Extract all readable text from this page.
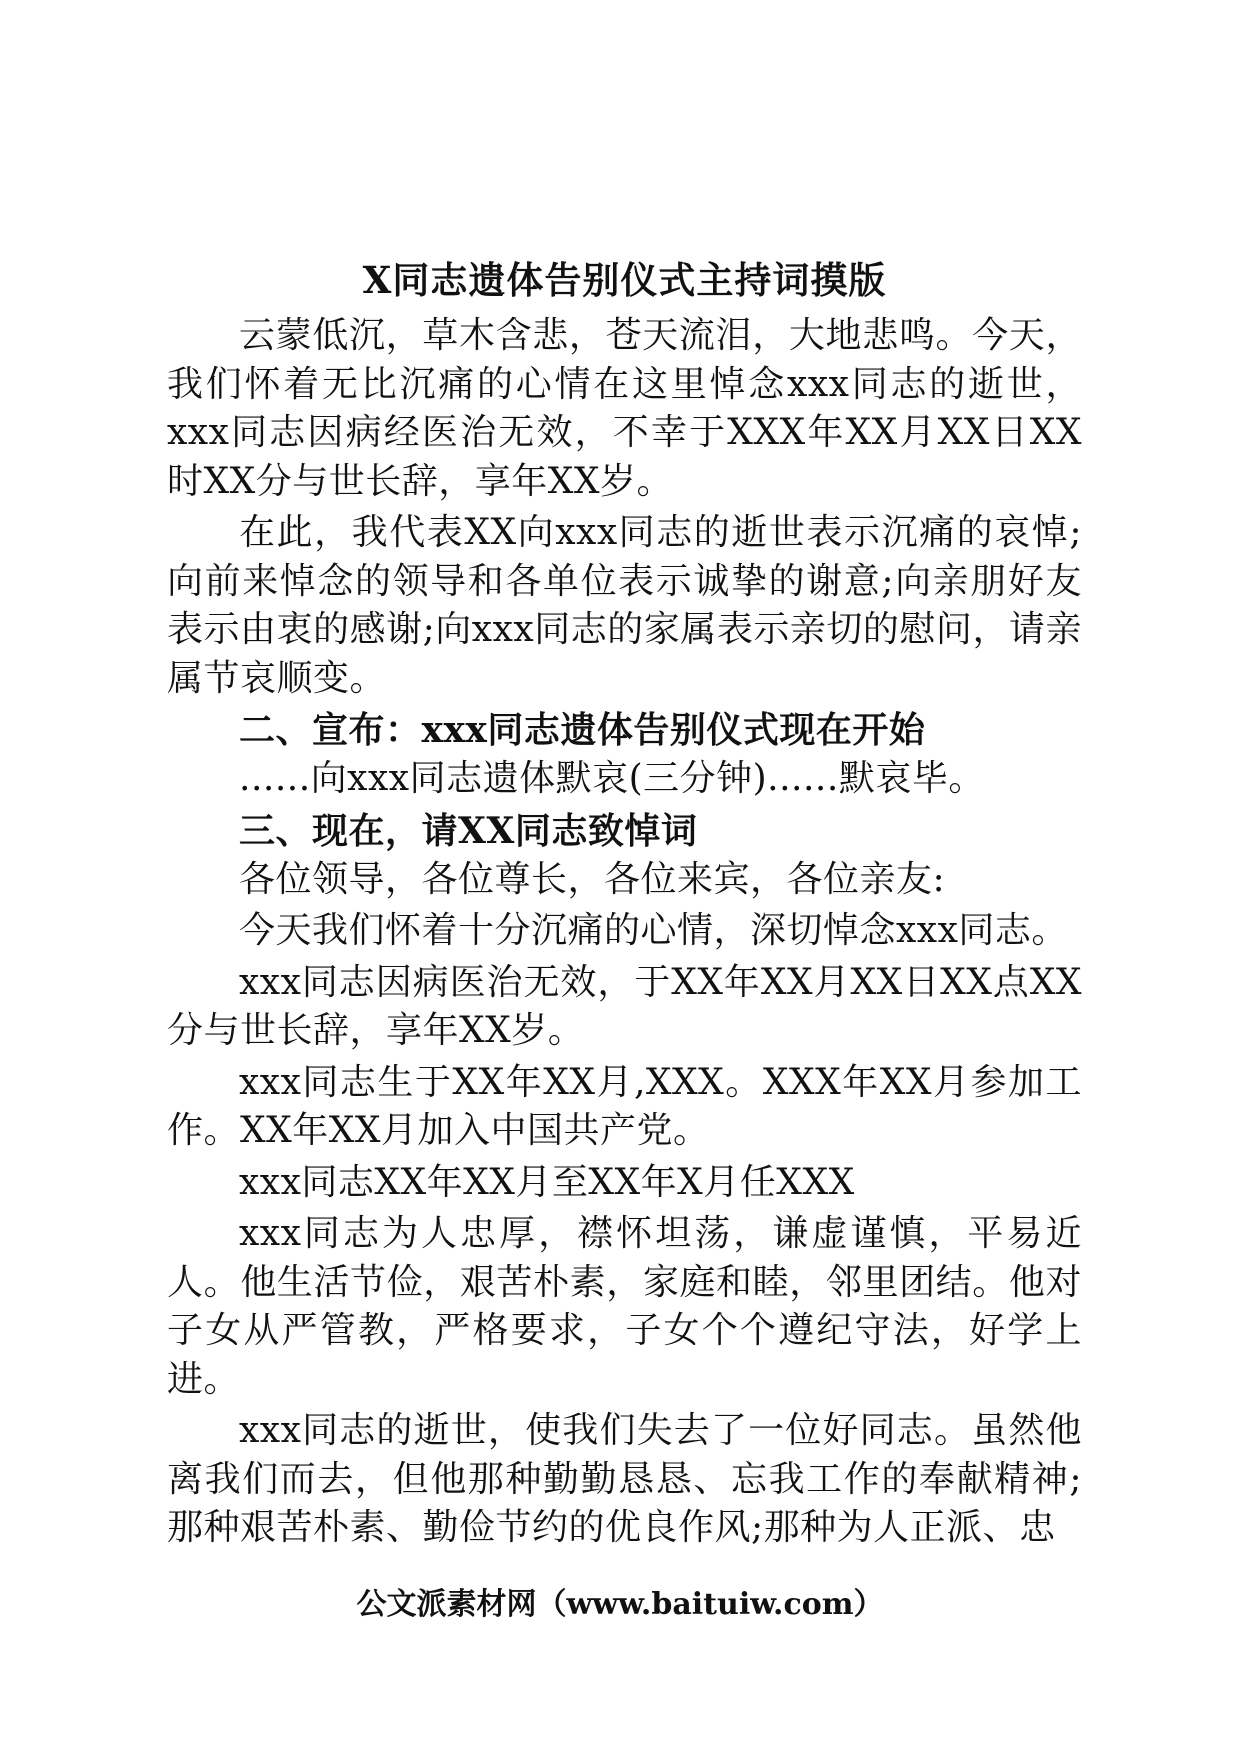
X同志遗体告别仪式主持词摸版

云蒙低沉，草木含悲，苍天流泪，大地悲鸣。今天，我们怀着无比沉痛的心情在这里悼念xxx同志的逝世，xxx同志因病经医治无效，不幸于XXX年XX月XX日XX时XX分与世长辞，享年XX岁。

在此，我代表XX向xxx同志的逝世表示沉痛的哀悼;向前来悼念的领导和各单位表示诚挚的谢意;向亲朋好友表示由衷的感谢;向xxx同志的家属表示亲切的慰问，请亲属节哀顺变。

二、宣布：xxx同志遗体告别仪式现在开始

......向xxx同志遗体默哀(三分钟)......默哀毕。

三、现在，请XX同志致悼词

各位领导，各位尊长，各位来宾，各位亲友:

今天我们怀着十分沉痛的心情，深切悼念xxx同志。

xxx同志因病医治无效，于XX年XX月XX日XX点XX分与世长辞，享年XX岁。

xxx同志生于XX年XX月,XXX。XXX年XX月参加工作。XX年XX月加入中国共产党。

xxx同志XX年XX月至XX年X月任XXX

xxx同志为人忠厚，襟怀坦荡，谦虚谨慎，平易近人。他生活节俭，艰苦朴素，家庭和睦，邻里团结。他对子女从严管教，严格要求，子女个个遵纪守法，好学上进。

xxx同志的逝世，使我们失去了一位好同志。虽然他离我们而去，但他那种勤勤恳恳、忘我工作的奉献精神;那种艰苦朴素、勤俭节约的优良作风;那种为人正派、忠

公文派素材网（www.baituiw.com）
